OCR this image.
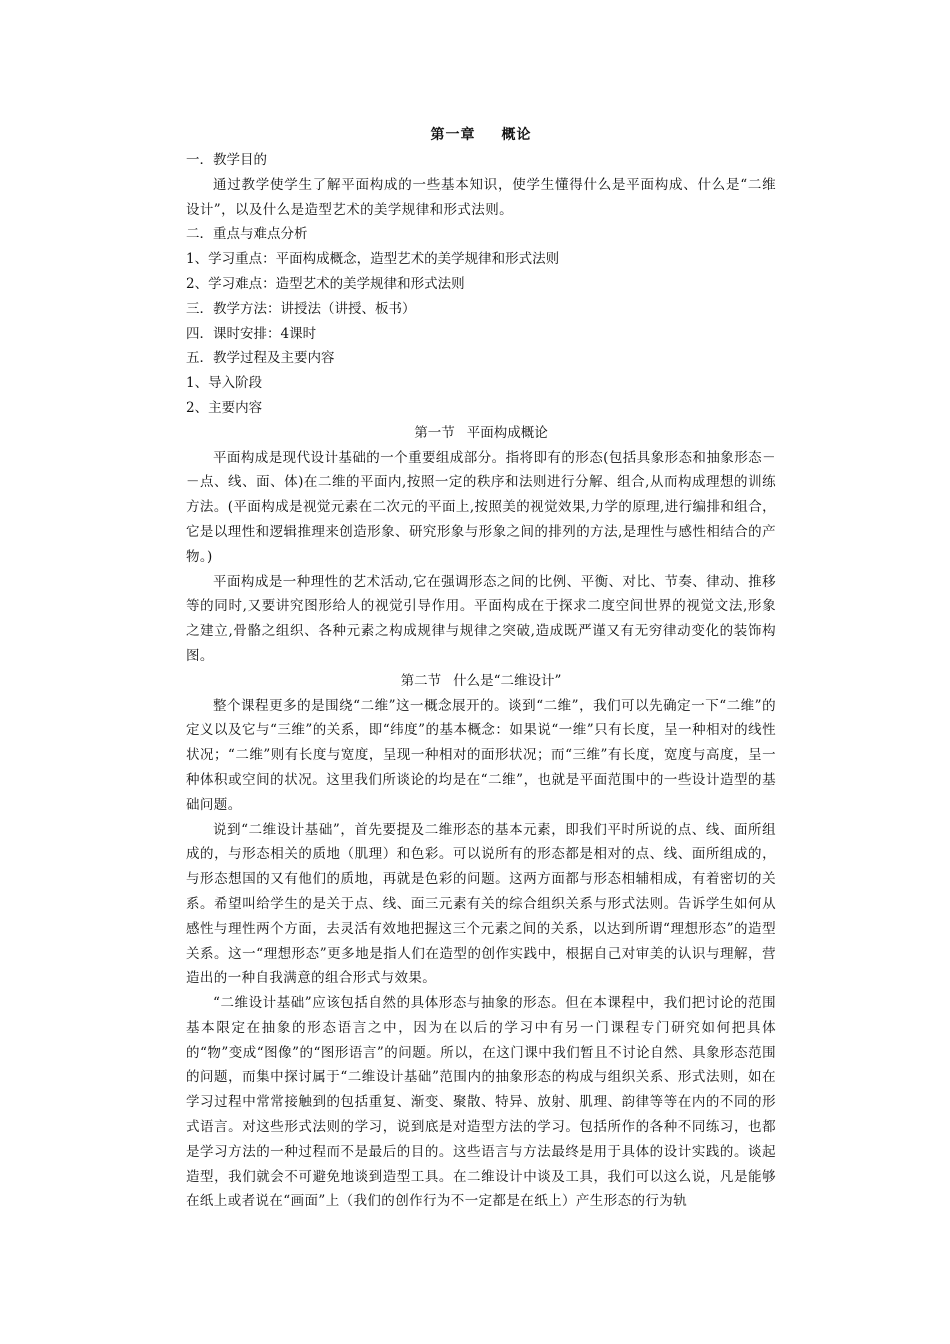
第一章 概论
一．教学目的
通过教学使学生了解平面构成的一些基本知识，使学生懂得什么是平面构成、什么是“二维设计”，以及什么是造型艺术的美学规律和形式法则。
二．重点与难点分析
1、学习重点：平面构成概念，造型艺术的美学规律和形式法则
2、学习难点：造型艺术的美学规律和形式法则
三．教学方法：讲授法（讲授、板书）
四．课时安排：4课时
五．教学过程及主要内容
1、导入阶段
2、主要内容
第一节 平面构成概论
平面构成是现代设计基础的一个重要组成部分。指将即有的形态(包括具象形态和抽象形态－－点、线、面、体)在二维的平面内,按照一定的秩序和法则进行分解、组合,从而构成理想的训练方法。(平面构成是视觉元素在二次元的平面上,按照美的视觉效果,力学的原理,进行编排和组合，它是以理性和逻辑推理来创造形象、研究形象与形象之间的排列的方法,是理性与感性相结合的产物。)
平面构成是一种理性的艺术活动,它在强调形态之间的比例、平衡、对比、节奏、律动、推移等的同时,又要讲究图形给人的视觉引导作用。平面构成在于探求二度空间世界的视觉文法,形象之建立,骨骼之组织、各种元素之构成规律与规律之突破,造成既严谨又有无穷律动变化的装饰构图。
第二节 什么是“二维设计”
整个课程更多的是围绕“二维”这一概念展开的。谈到“二维”，我们可以先确定一下“二维”的定义以及它与“三维”的关系，即“纬度”的基本概念：如果说“一维”只有长度，呈一种相对的线性状况；“二维”则有长度与宽度，呈现一种相对的面形状况；而“三维”有长度，宽度与高度，呈一种体积或空间的状况。这里我们所谈论的均是在“二维”，也就是平面范围中的一些设计造型的基础问题。
说到“二维设计基础”，首先要提及二维形态的基本元素，即我们平时所说的点、线、面所组成的，与形态相关的质地（肌理）和色彩。可以说所有的形态都是相对的点、线、面所组成的，与形态想国的又有他们的质地，再就是色彩的问题。这两方面都与形态相辅相成，有着密切的关系。希望叫给学生的是关于点、线、面三元素有关的综合组织关系与形式法则。告诉学生如何从感性与理性两个方面，去灵活有效地把握这三个元素之间的关系，以达到所谓“理想形态”的造型关系。这一“理想形态”更多地是指人们在造型的创作实践中，根据自己对审美的认识与理解，营造出的一种自我满意的组合形式与效果。
“二维设计基础”应该包括自然的具体形态与抽象的形态。但在本课程中，我们把讨论的范围基本限定在抽象的形态语言之中，因为在以后的学习中有另一门课程专门研究如何把具体的“物”变成“图像”的“图形语言”的问题。所以，在这门课中我们暂且不讨论自然、具象形态范围的问题，而集中探讨属于“二维设计基础”范围内的抽象形态的构成与组织关系、形式法则，如在学习过程中常常接触到的包括重复、渐变、聚散、特异、放射、肌理、韵律等等在内的不同的形式语言。对这些形式法则的学习，说到底是对造型方法的学习。包括所作的各种不同练习，也都是学习方法的一种过程而不是最后的目的。这些语言与方法最终是用于具体的设计实践的。谈起造型，我们就会不可避免地谈到造型工具。在二维设计中谈及工具，我们可以这么说，凡是能够在纸上或者说在“画面”上（我们的创作行为不一定都是在纸上）产生形态的行为轨
